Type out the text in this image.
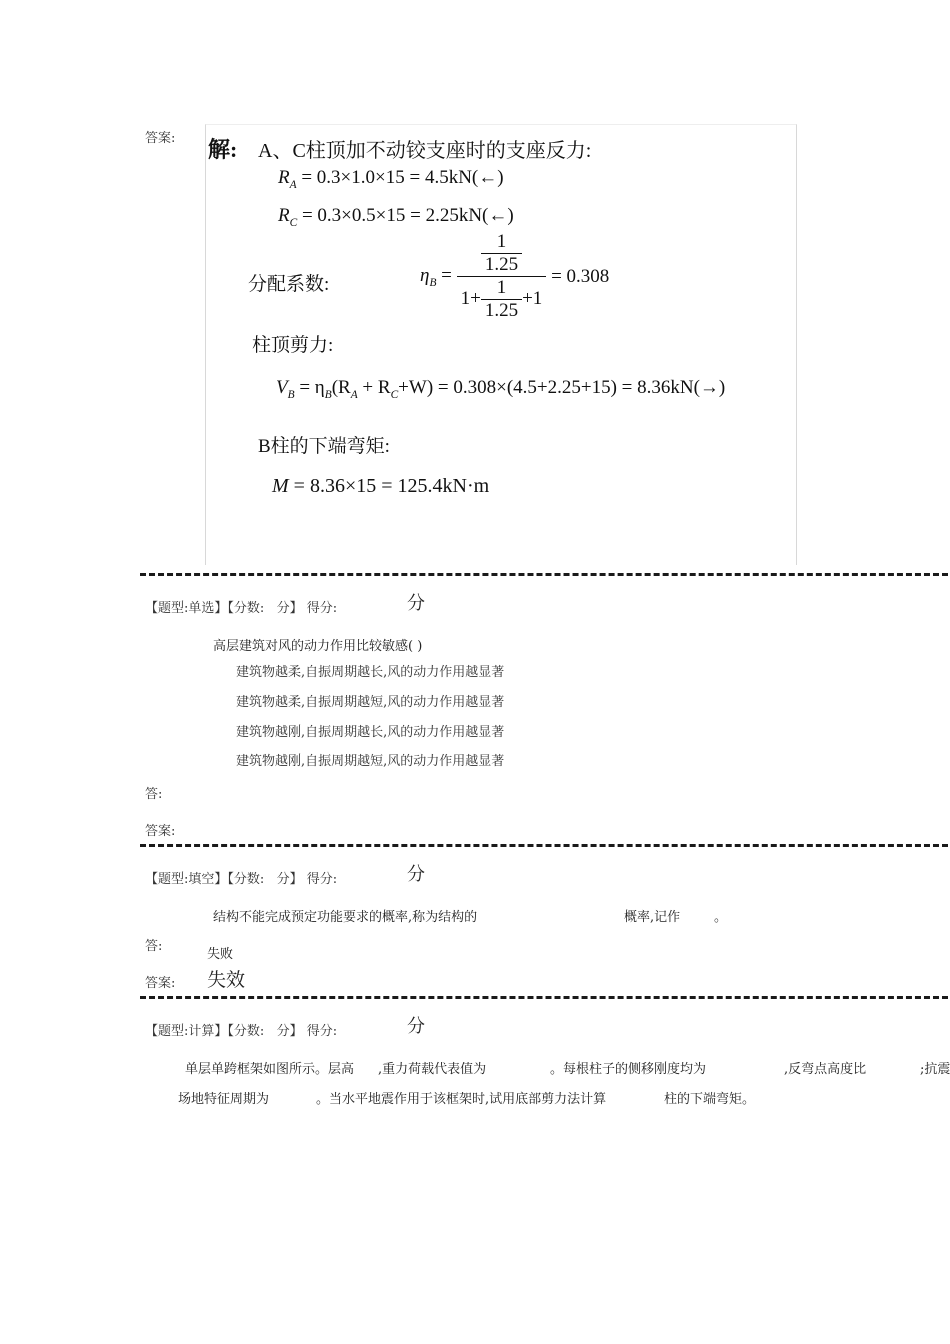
答案: 解: A、C柱顶加不动铰支座时的支座反力:
$R_A = 0.3\times 1.0\times 15$ = 4.5kN(←)
$R_C = 0.3\times 0.5\times 15$ = 2.25kN(←)
分配系数:	$\eta_B = \frac{\frac{1}{1.25}}{1+ \frac{1}{1.25} +1} = 0.308$
柱顶剪力:
$V_B = \eta_B(R_A + R_C+W) = 0.308\times(4.5+2.25+15) = 8.36kN(\to)$
B柱的下端弯矩:
M = 8.36×15 = 125.4kN·m
【题型:单选】【分数:   分】 得分:	分
高层建筑对风的动力作用比较敏感( )
建筑物越柔,自振周期越长,风的动力作用越显著
建筑物越柔,自振周期越短,风的动力作用越显著
建筑物越刚,自振周期越长,风的动力作用越显著
建筑物越刚,自振周期越短,风的动力作用越显著
答:
答案:
【题型:填空】【分数:   分】 得分:	分
结构不能完成预定功能要求的概率,称为结构的	概率,记作	。
答:
失败
答案: 失效
【题型:计算】【分数:   分】 得分:	分
单层单跨框架如图所示。层高 ,重力荷载代表值为	。每根柱子的侧移刚度均为	,反弯点高度比	;抗震
场地特征周期为	。当水平地震作用于该框架时,试用底部剪力法计算	柱的下端弯矩。
